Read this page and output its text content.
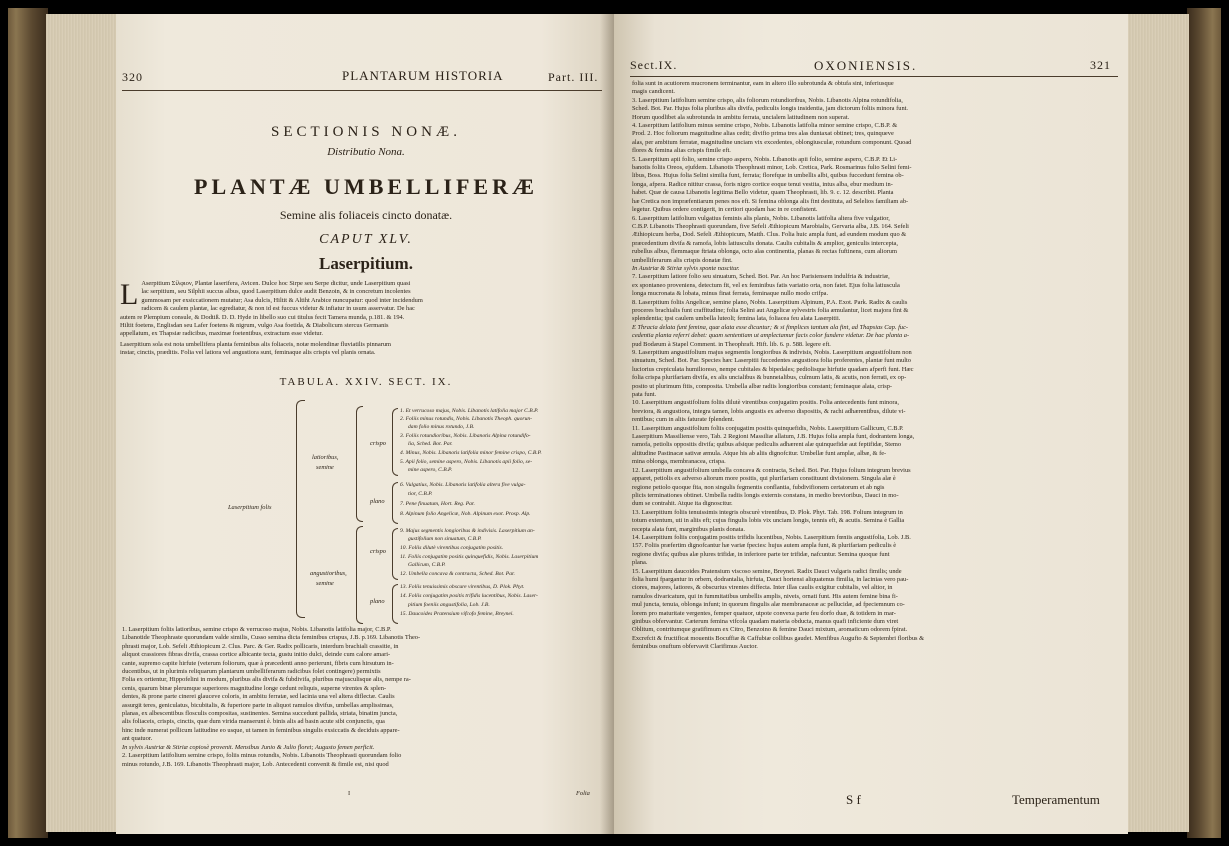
320	PLANTARUM HISTORIA	Part. III.
SECTIONIS NONÆ.
Distributio Nona.
PLANTÆ UMBELLIFERÆ
Semine alis foliaceis cincto donatæ.
CAPUT XLV.
Laserpitium.
L Aserpitium Σίλφιον, Plantæ laserifera, Avicen. Dulce hoc Sirpe seu Serpe dicitur, unde Laserpitium quasi

lac serpitium, seu Silphii succus albus, quod Laserpitium dulce audit Benzoin, & in concretum incolentes

gummosam per exsiccationem mutatur; Asa dulcis, Hiltit & Altiht Arabice nuncupatur: quod inter incidendum

radicem & caulem plantæ, lac egrediatur, & non id est fuccus videtur & infiatur in usum asservatur. De hac

autem re Plempium consule, & Dodtiß. D. D. Hyde in libello suo cui titulus fecit Tamera munda, p.181. & 194.

Hiltit foetens, Englisdan seu Lafer foetens & nigrum, vulgo Asa foetida, & Diabolicum stercus Germanis

appellatum, ex Thapsiæ radicibus, maximæ foetentibus, extractum esse videtur.

Laserpitium sola est nota umbellifera planta feminibus alis foliaceis, notæ molendinæ fluviatilis pinnarum

instar, cinctis, præditis. Folia vel latiora vel angustiora sunt, feminaque alis crispis vel planis ornata.

TABULA. XXIV. SECT. IX.
Laserpitium folis
latioribus,
semine
crispo
1. Et verrucoso majus, Nobis. Libanotis latifolia major C.B.P.
2. Foliis minus rotundis, Nobis. Libanotis Theoph. quorun-
dam folio minus rotundo, J.B.
3. Foliis rotundioribus, Nobis. Libanotis Alpina rotundifo-
lia, Sched. Bot. Par.
4. Minus, Nobis. Libanotis latifolia minor femine crispo, C.B.P.
5. Apii folio, semine aspero, Nobis. Libanotis apii folio, se-
mine aspero, C.B.P.
plano
6. Vulgatius, Nobis. Libanotis latifolia altera five vulga-
tior, C.B.P.
7. Pene finuatum, Hort. Reg. Par.
8. Alpinum folio Angelicæ, Nob. Alpinum exot. Prosp. Alp.
angustioribus,
semine
crispo
9. Majus segmentis longioribus & indivisis. Laserpitium an-
gustifolium non sinuatum, C.B.P.
10. Foliis dilutè virentibus conjugatim positis.
11. Foliis conjugatim positis quinquefidis, Nobis. Laserpitium
Gallicum, C.B.P.
12. Umbella concava & contracta, Sched. Bot. Par.
plano
13. Foliis tenuissimis obscure virentibus, D. Plok. Phyt.
14. Foliis conjugatim positis trifidis lucentibus, Nobis. Laser-
pitium foeniis angustifolia, Lob. J.B.
15. Daucoides Pratensium vifcofo femine, Breynei.

1. Laserpitium foliis latioribus, semine crispo & verrucoso majus, Nobis. Libanotis latifolia major, C.B.P.

Libanotide Theophraste quorundam valde similis, Cusso semina dicta feminibus crispus, J.B. p.169. Libanotis Theo-

phrasti major, Lob. Sefeli Æthiopicum 2. Clus. Parc. & Ger. Radix pollicaris, interdum brachiali crassitie, in

aliquot crassiores fibras divifa, crassa cortice albicante tecta, gustu initio dulci, deinde cum calore amari-

cante, supremo capite hirfute (veterum foliorum, quæ à præcedenti anno perierunt, fibris cum hirsutum in-

ducentibus, ut in plurimis reliquarum plantarum umbelliferarum radicibus folet contingere) permixtis

Folia ex ortientur, Hippofelini in modum, pluribus alis divifa & fubdivifa, pluribus majusculisque alis, nempe ra-

cenis, quarum binæ plerumque superiores magnitudine longe cedunt reliquis, superne virentes & splen-

dentes, & prone parte cinerei glauceve coloris, in ambitu ferratæ, sed lacinia una vel altera diflectæ. Caulis

assurgit teres, geniculatus, bicubitalis, & fuperiore parte in aliquot ramulos divifus, umbellas amplissimas,

planas, ex albescentibus flosculis compositas, sustinentes. Semina succedunt pallida, striata, binatim juncta,

alis foliaceis, crispis, cinctis, quæ dum virida manserunt è. binis alis ad basin acute sibi conjunctis, qua

hinc inde numerat pollicum latitudine eo usque, ut tamen in feminibus singulis exsiccatis & deciduis appare-

ant quatuor.

In sylvis Austriæ & Stiriæ copiosè provenit. Mensibus Junio & Julio floret; Augusto femen perficit.

2. Laserpitium latifolium semine crispo, foliis minus rotundis, Nobis. Libanotis Theophrasti quorundam folio

minus rotundo, J.B. 169. Libanotis Theophrasti major, Lob. Antecedenti convenit & fimile est, nisi quod

I	Folia
Sect.IX.	OXONIENSIS.	321

folia sunt in acutiorem mucronem terminantur, eam in altero illo subrotunda & obtufa sint, inferiusque

magis candicent.

3. Laserpitium latifolium semine crispo, alis foliorum rotundioribus, Nobis. Libanotis Alpina rotundifolia,

Sched. Bot. Par. Hujus folia pluribus alis divifa, pediculis longis insidentia, jam dictorum foliis minora funt.

Horum quodlibet ala subrotunda in ambitu ferrata, uncialem latitudinem non superat.

4. Laserpitium latifolium minus semine crispo, Nobis. Libanotis latifolia minor semine crispo, C.B.P. &

Prod. 2. Hoc foliorum magnitudine alias cedit; divifio prima tres alas duntaxat obtinet; tres, quinqueve

alas, per ambitum ferratæ, magnitudine unciam vix excedentes, oblongiusculæ, rotundum componunt. Quoad

flores & femina alias crispis fimile eft.

5. Laserpitium apii folio, semine crispo aspero, Nobis. Libanotis apii folio, semine aspero, C.B.P. Et Li-

banotis foliis Oreos, ejufdem. Libanotis Theophrasti minor, Lob. Cretica, Park. Rosmarinus fulio Selini femi-

libus, Boss. Hujus folia Selini similia funt, ferrata; florefque in umbellis albi, quibus fuccedunt femina ob-

longa, afpera. Radice nititur crassa, foris nigro cortice eoque tenui vestita, intus alba, ebur medium in-

habet. Quæ de causa Libanotis legitima Bello videtur, quam Theophrasti, lib. 9. c. 12. describit. Planta

hæ Cretica non impræfentiarum penes nos eft. Si femina oblonga alis fint destituta, ad Selelios familiam ab-

legetur. Quibus ordere contigerit, in certiori quodam hac in re confistent.

6. Laserpitium latifolium vulgatius feminis alis planis, Nobis. Libanotis latifolia altera five vulgatior,

C.B.P. Libanotis Theophrasti quorundam, five Sefeli Æthiopicum Marobialis, Gervaria alba, J.B. 164. Sefeli

Æthiopicum herba, Dod. Sefeli Æthiopicum, Matth. Clus. Folia huic ampla funt, ad eundem modum quo &

præcedentium divifa & ramofa, lobis latiusculis donata. Caulis cubitalis & amplior, geniculis intercepta,

rubellus albus, flemmaque ftriata oblonga, octo alas continentia, planas & rectas fuftinens, cum aliorum

umbelliferarum alis crispis donatæ fint.

In Austriæ & Stiriæ sylvis sponte nascitur.

7. Laserpitium latiore folio seu sinuatum, Sched. Bot. Par. An hoc Parisiensem indulfria & industriæ,

ex spontaneo proveniens, detectum fit, vel ex feminibus fatis variatio orta, non fatet. Ejus folia latiuscula

longa mucronata & lobata, minus finat ferrata, feminaque nullo modo crifpa.

8. Laserpitium foliis Angelicæ, semine plano, Nobis. Laserpitium Alpinum, P.A. Exot. Park. Radix & caulis

proceres brachialis funt craffitudine; folia Selini aut Angelicæ sylvestris folia æmulantur, licet majora fint &

splendentia; ipsi caulem umbella luteoli; femina lata, foliacea feu alata Laserpitii.

E Thracia delata funt femina, quæ alata esse dicuntur; & si fimplices tantum ala fint, ad Thapsias Cap. fuc-

cedentia planta referri debet: quam sententiam ut amplectamur facis color fundere videtur. De hac planta a-

pud Bodæum à Stapel Comment. in Theophraft. Hift. lib. 6. p. 588. legere eft.

9. Laserpitium angustifolium majus segmentis longioribus & indivisis, Nobis. Laserpitium angustifolium non

sinuatum, Sched. Bot. Par. Species hæc Laserpitii fuccedentes angustiora folia proferentes, plantæ funt multo

luciorius crepiculata humilioreso, nempe cubitales & bipedales; pediolisque hirfutie quadam afperfi funt. Hæc

folia crispa plurifariam divifa, ex alis uncialibus & bunneialibus, culmum latis, & acutis, non ferrati, ex op-

posito ut plurimum fitis, composita. Umbella albæ radiis longioribus constant; feminaque alata, crisp-

pata funt.

10. Laserpitium angustifolium foliis dilutè virentibus conjugatim positis. Folia antecedentis funt minora,

breviora, & angustiora, integra tamen, lobis angustis ex adverso dispositis, & rachi adhærentibus, dilute vi-

rentibus; cum in aliis faturate fplendent.

11. Laserpitium angustifolium foliis conjugatim positis quinquefidis, Nobis. Laserpitium Gallicum, C.B.P.

Laserpitium Massiliense vero, Tab. 2 Regioni Massiliæ allatum, J.B. Hujus folia ampla funt, dodrantem longa,

ramofa, petiolis oppositis divifa; quibus afsique pediculis adhærent alæ quinquefidæ aut feptifidæ, Stemo

altitudine Pastinacæ sativæ æmula. Atque his ab aliis dignofcitur. Umbellæ funt amplæ, albæ, & fe-

mina oblonga, membranacea, crispa.

12. Laserpitium angustifolium umbella concava & contracta, Sched. Bot. Par. Hujus folium integrum brevius

apparet, petiolis ex adverso aliorum more positis, qui plurifariam constituunt divisionem. Singula alæ è

regione petiolo quoque fita, non singulis fegmentis conflantia, fubdivifionem certatorum et ab ngis

plicis terminationes obtinet. Umbella radiis longis externis constans, in medio brevioribus, Dauci in mo-

dum se contrahit. Atque ita dignoscitur.

13. Laserpitium foliis tenuissimis integris obscurè virentibus, D. Plok. Phyt. Tab. 198. Folium integrum in

totum extentum, uti in aliis eft; cujus fingulis lobis vix unciam longis, tennis eft, & acutis. Semina è Gallia

recepta alata funt, marginibus planis donata.

14. Laserpitium foliis conjugatim positis trifidis lucentibus, Nobis. Laserpitium fœniis angustifolia, Lob. J.B.

157. Foliis præfertim dignofcantur hæ variæ fpecies: hujus autem ampla funt, & plurifariam pediculis è

regione divifa; quibus alæ plures trifidæ, in inferiore parte ter trifidæ, nafcuntur. Semina quoque funt

plana.

15. Laserpitium daucoides Pratensium viscoso semine, Breynei. Radix Dauci vulgaris radici fimilis; unde

folia humi fpargantur in orbem, dodrantalia, hirfuta, Dauci hortensi aliquatenus fimilia, in lacinias vero pau-

ciores, majores, latiores, & obscurius virentes diffecta. Inter illas caulis exigitur cubitalis, vel altior, in

ramulos divaricatum, qui in fummitatibus umbellis amplis, niveis, ornati funt. His autem femine bina fi-

mul juncta, tenuia, oblonga infunt; in quorum fingulis alæ membranaceæ ac pellucidæ, ad fpeciemnum co-

lorem pro maturitate vergentes, femper quatuor, utpote convexa parte feu dorfo duæ, & totidem in mar-

ginibus obfervantur. Cæterum femina vifcola quadam materia obducta, manus quafi inficiente dum viret

Oblitum, contritumque gratifimum ex Citro, Benzoino & femine Dauci mixtum, aromaticum odorem fpirat.

Excrefcit & fructificat mouentis Bocuffiæ & Caffubiæ collibus gaudet. Menfibus Augufto & Septembri floribus &

feminibus onuftum obfervavit Clarifimus Auctor.

S f	Temperamentum
